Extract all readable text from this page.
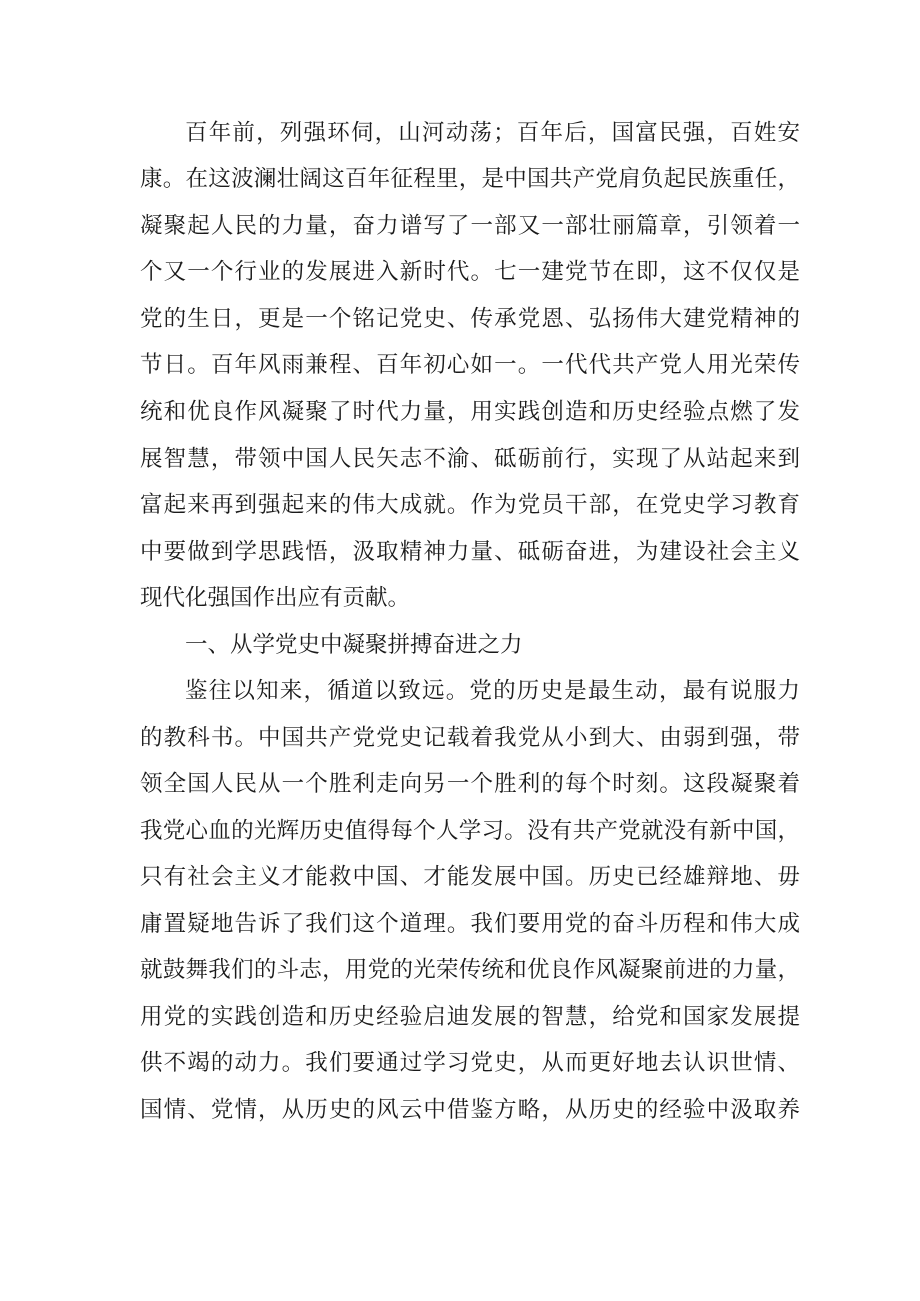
百年前，列强环伺，山河动荡；百年后，国富民强，百姓安

康。在这波澜壮阔这百年征程里，是中国共产党肩负起民族重任，

凝聚起人民的力量，奋力谱写了一部又一部壮丽篇章，引领着一

个又一个行业的发展进入新时代。七一建党节在即，这不仅仅是

党的生日，更是一个铭记党史、传承党恩、弘扬伟大建党精神的

节日。百年风雨兼程、百年初心如一。一代代共产党人用光荣传

统和优良作风凝聚了时代力量，用实践创造和历史经验点燃了发

展智慧，带领中国人民矢志不渝、砥砺前行，实现了从站起来到

富起来再到强起来的伟大成就。作为党员干部，在党史学习教育

中要做到学思践悟，汲取精神力量、砥砺奋进，为建设社会主义

现代化强国作出应有贡献。

一、从学党史中凝聚拼搏奋进之力

鉴往以知来，循道以致远。党的历史是最生动，最有说服力

的教科书。中国共产党党史记载着我党从小到大、由弱到强，带

领全国人民从一个胜利走向另一个胜利的每个时刻。这段凝聚着

我党心血的光辉历史值得每个人学习。没有共产党就没有新中国，

只有社会主义才能救中国、才能发展中国。历史已经雄辩地、毋

庸置疑地告诉了我们这个道理。我们要用党的奋斗历程和伟大成

就鼓舞我们的斗志，用党的光荣传统和优良作风凝聚前进的力量，

用党的实践创造和历史经验启迪发展的智慧，给党和国家发展提

供不竭的动力。我们要通过学习党史，从而更好地去认识世情、

国情、党情，从历史的风云中借鉴方略，从历史的经验中汲取养
